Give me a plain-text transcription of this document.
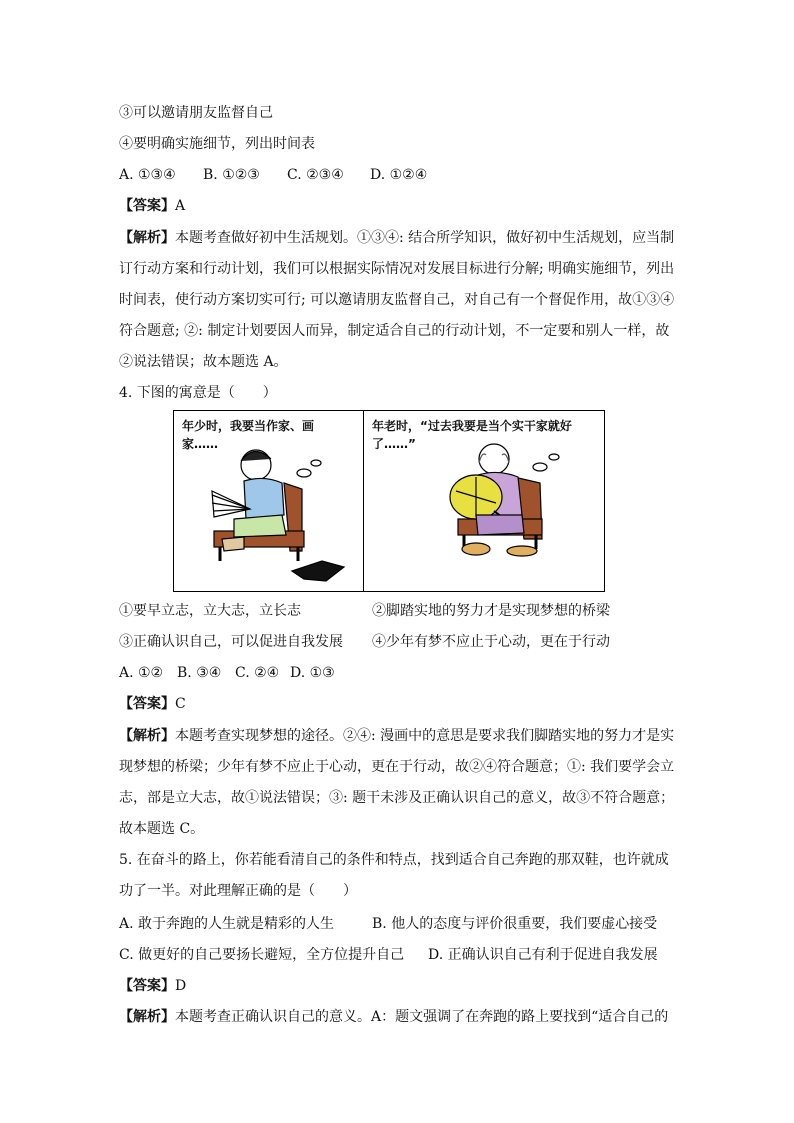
③可以邀请朋友监督自己
④要明确实施细节，列出时间表
A. ①③④ B. ①②③ C. ②③④ D. ①②④
【答案】A
【解析】本题考查做好初中生活规划。①③④: 结合所学知识，做好初中生活规划，应当制订行动方案和行动计划，我们可以根据实际情况对发展目标进行分解; 明确实施细节，列出时间表，使行动方案切实可行; 可以邀请朋友监督自己，对自己有一个督促作用，故①③④符合题意; ②: 制定计划要因人而异，制定适合自己的行动计划，不一定要和别人一样，故②说法错误；故本题选 A。
4. 下图的寓意是（　　）
年少时，我要当作家、画家……
年老时，“过去我要是当个实干家就好了……”
①要早立志，立大志，立长志	②脚踏实地的努力才是实现梦想的桥梁
③正确认识自己，可以促进自我发展 ④少年有梦不应止于心动，更在于行动
A. ①② B. ③④ C. ②④ D. ①③
【答案】C
【解析】本题考查实现梦想的途径。②④: 漫画中的意思是要求我们脚踏实地的努力才是实现梦想的桥梁；少年有梦不应止于心动，更在于行动，故②④符合题意；①: 我们要学会立志，部是立大志，故①说法错误；③: 题干未涉及正确认识自己的意义，故③不符合题意；故本题选 C。
5. 在奋斗的路上，你若能看清自己的条件和特点，找到适合自己奔跑的那双鞋，也许就成功了一半。对此理解正确的是（　　）
A. 敢于奔跑的人生就是精彩的人生	B. 他人的态度与评价很重要，我们要虚心接受
C. 做更好的自己要扬长避短，全方位提升自己 D. 正确认识自己有利于促进自我发展
【答案】D
【解析】本题考查正确认识自己的意义。A：题文强调了在奔跑的路上要找到“适合自己的
